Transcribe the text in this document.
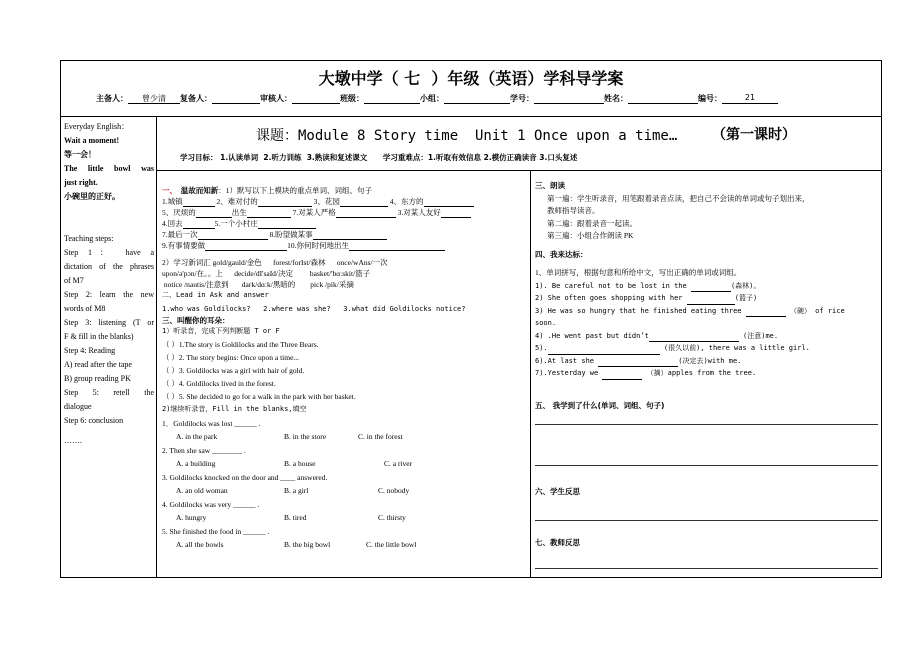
大墩中学（ 七  ）年级（英语）学科导学案
主备人： 曾少清 复备人：	审核人：	班级：	小组：	学号：	姓名：	编号：	21

Everyday English：

Wait a moment!

等一会！

The little bowl was

just right.

小碗里的正好。

Teaching steps:

Step 1： have a

dictation of the phrases

of M7

Step 2: learn the new

words of M8

Step 3: listening (T or

F & fill in the blanks)

Step 4: Reading

A) read after the tape

B) group reading PK

Step 5: retell the

dialogue

Step 6: conclusion

…….

课题：Module 8 Story time  Unit 1 Once upon a time… （第一课时）
学习目标： 1.认读单词  2.听力训练  3.熟读和复述课文      学习重难点：1.听取有效信息 2.模仿正确读音 3.口头复述
一、 温故而知新：1）默写以下上模块的重点单词、词组、句子
1.城镇	2、难对付的	3、花园	4、东方的
5、厌烦的	出生	7.对某人严格	3.对某人友好
4.回去	5.一个小村庄
7.最后一次	8.盼望做某事
9.有事情要做	10.你何时何地出生
2）学习新词汇 gold/gauld/金色 forest/forIst/森林 once/wAns/一次
upon/ə'pɔn/在。。上 decide/dI'saId/决定 basket/'bɑːskit/篮子
notice /nautis/注意到 dark/dɑːk/黑暗的 pick /pik/采摘
二、Lead in Ask and answer
1.who was Goldilocks? 2.where was she? 3.what did Goldilocks notice?
三、叫醒你的耳朵：
1）听录音，完成下列判断题 T or F
（ ）1.The story is Goldilocks and the Three Bears.
（ ）2. The story begins: Once upon a time...
（ ）3. Goldilocks was a girl with hair of gold.
（ ）4. Goldilocks lived in the forest.
（ ）5. She decided to go for a walk in the park with her basket.
2)继续听录音，Fill in the blanks,填空
1．Goldilocks was lost ______ .
A. in the park	B. in the store	C. in the forest
2. Then she saw ________ .
A. a building	B. a house	C. a river
3. Goldilocks knocked on the door and ____ answered.
A. an old woman	B. a girl	C. nobody
4. Goldilocks was very ______ .
A. hungry	B. tired	C. thirsty
5. She finished the food in ______ .
A. all the bowls	B. the big bowl	C. the little bowl
三、朗读
第一遍：学生听录音，用笔跟着录音点读，把自己不会读的单词或句子划出来，
教师指导读音。
第二遍：跟着录音一起读。
第三遍：小组合作朗读 PK
四、我来达标：
1、单词拼写，根据句意和所给中文，写出正确的单词或词组。
1). Be careful not to be lost in the	(森林)。
2) She often goes shopping with her	(篮子)
3) He was so hungry that he finished eating three	（碗） of rice
soon.
4) .He went past but didn’t	(注意)me.
5).	(很久以前), there was a little girl.
6).At last she	(决定去)with me.
7).Yesterday we	（摘）apples from the tree.
五、 我学到了什么(单词、词组、句子)
六、学生反思
七、教师反思
